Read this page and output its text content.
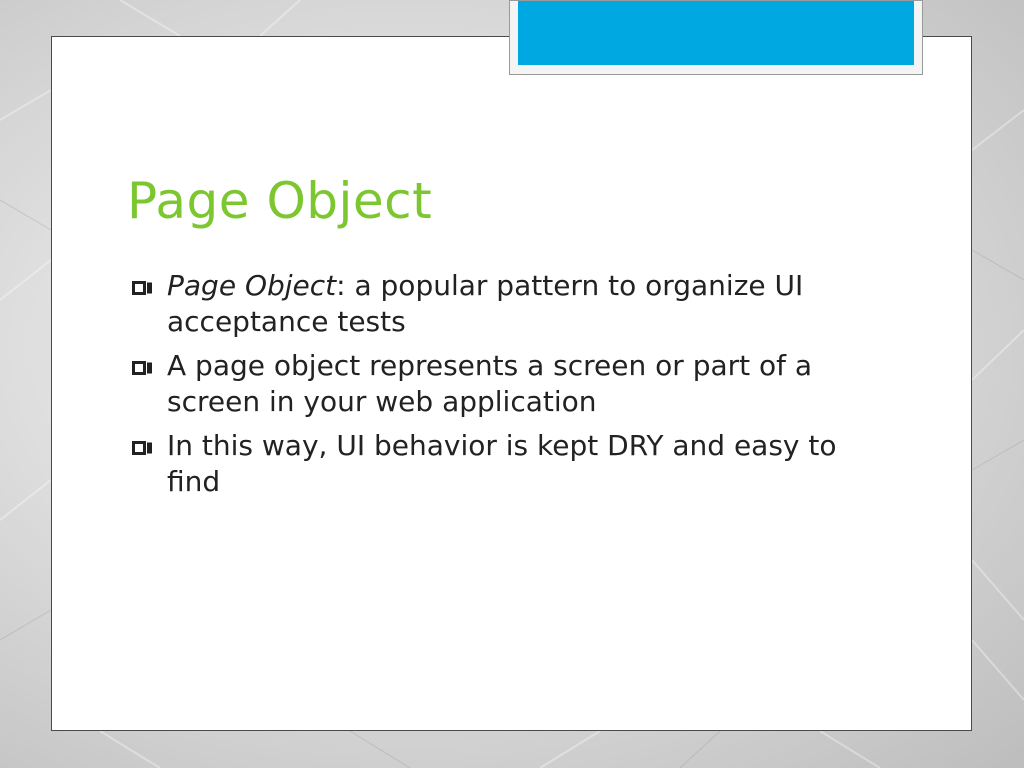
Page Object
Page Object: a popular pattern to organize UI acceptance tests
A page object represents a screen or part of a screen in your web application
In this way, UI behavior is kept DRY and easy to find
